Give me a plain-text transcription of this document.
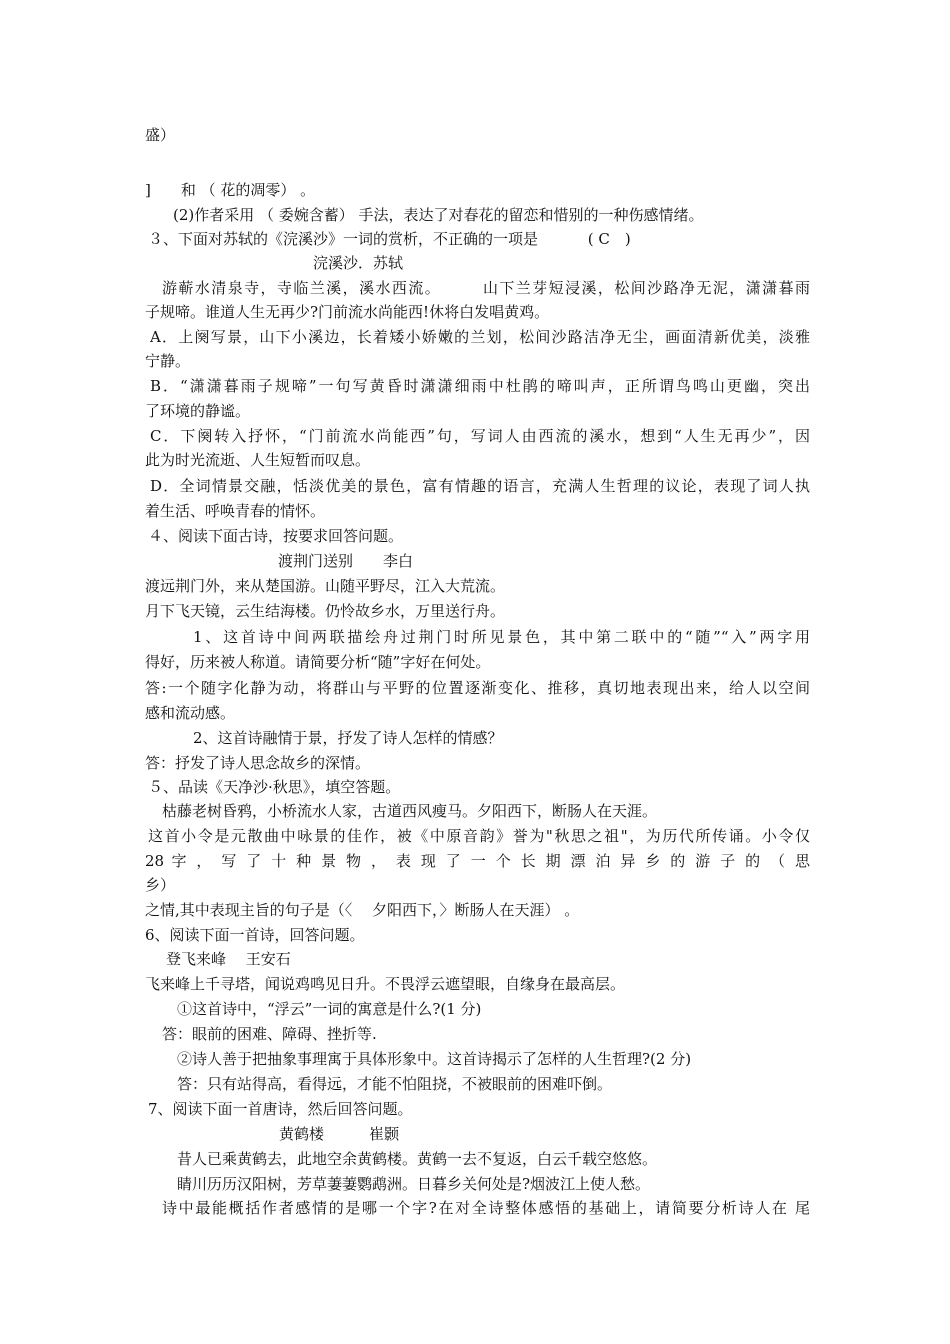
盛）
]　　和 （ 花的凋零） 。
(2)作者采用 （ 委婉含蓄） 手法，表达了对春花的留恋和惜别的一种伤感情绪。
３、下面对苏轼的《浣溪沙》一词的赏析，不正确的一项是　　　 ( C　)
浣溪沙．苏轼
游蕲水清泉寺，寺临兰溪，溪水西流。　　　山下兰芽短浸溪，松间沙路净无泥，潇潇暮雨
子规啼。谁道人生无再少?门前流水尚能西!休将白发唱黄鸡。
A．上阕写景，山下小溪边，长着矮小娇嫩的兰划，松间沙路洁净无尘，画面清新优美，淡雅
宁静。
B．“潇潇暮雨子规啼”一句写黄昏时潇潇细雨中杜鹃的啼叫声，正所谓鸟鸣山更幽，突出
了环境的静谧。
C．下阕转入抒怀，“门前流水尚能西”句，写词人由西流的溪水，想到“人生无再少”，因
此为时光流逝、人生短暂而叹息。
D．全词情景交融，恬淡优美的景色，富有情趣的语言，充满人生哲理的议论，表现了词人执
着生活、呼唤青春的情怀。
４、阅读下面古诗，按要求回答问题。
渡荆门送别　　李白
渡远荆门外，来从楚国游。山随平野尽，江入大荒流。
月下飞天镜，云生结海楼。仍怜故乡水，万里送行舟。
1、这首诗中间两联描绘舟过荆门时所见景色，其中第二联中的“随”“入”两字用
得好，历来被人称道。请简要分析“随”字好在何处。
答:一个随字化静为动，将群山与平野的位置逐渐变化、推移，真切地表现出来，给人以空间
感和流动感。
2、这首诗融情于景，抒发了诗人怎样的情感？
答：抒发了诗人思念故乡的深情。
５、品读《天净沙·秋思》，填空答题。
枯藤老树昏鸦，小桥流水人家，古道西风瘦马。夕阳西下，断肠人在天涯。
这首小令是元散曲中咏景的佳作，被《中原音韵》誉为"秋思之祖"，为历代所传诵。小令仅
28 字 ， 写 了 十 种 景 物 ， 表 现 了 一 个 长 期 漂 泊 异 乡 的 游 子 的 （ 思
乡）
之情,其中表现主旨的句子是（〈　 夕阳西下，〉断肠人在天涯） 。
6、阅读下面一首诗，回答问题。
登飞来峰　 王安石
飞来峰上千寻塔，闻说鸡鸣见日升。不畏浮云遮望眼，自缘身在最高层。
①这首诗中，“浮云”一词的寓意是什么?(1 分)
答：眼前的困难、障碍、挫折等.
②诗人善于把抽象事理寓于具体形象中。这首诗揭示了怎样的人生哲理?(2 分)
答：只有站得高，看得远，才能不怕阻挠，不被眼前的困难吓倒。
7、阅读下面一首唐诗，然后回答问题。
黄鹤楼　　　崔颢
昔人已乘黄鹤去，此地空余黄鹤楼。黄鹤一去不复返，白云千载空悠悠。
睛川历历汉阳树，芳草萋萋鹦鹉洲。日暮乡关何处是?烟波江上使人愁。
诗中最能概括作者感情的是哪一个字?在对全诗整体感悟的基础上，请简要分析诗人在 尾
